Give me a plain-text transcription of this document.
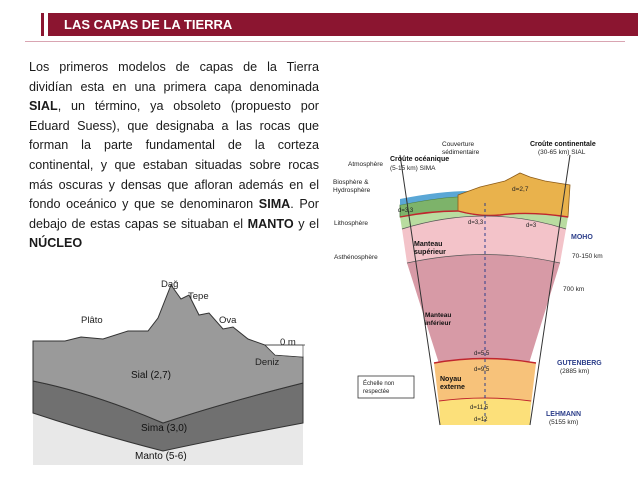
LAS CAPAS DE LA TIERRA
Los primeros modelos de capas de la Tierra dividían esta en una primera capa denominada SIAL, un término, ya obsoleto (propuesto por Eduard Suess), que designaba a las rocas que forman la parte fundamental de la corteza continental, y que estaban situadas sobre rocas más oscuras y densas que afloran además en el fondo oceánico y que se denominaron SIMA. Por debajo de estas capas se situaban el MANTO y el NÚCLEO
Dağ
Tepe
Plâto	Ova
Deniz
0 m
Sial (2,7)
Sima (3,0)
Manto (5-6)
Atmosphère
Biosphère &
Hydrosphère
Lithosphère
Asthénosphère
Couverture
sédimentaire
Croûte océanique
(5-15 km) SIMA
Croûte continentale
(30-65 km) SIAL
d=2,7
d=3,3
d=3,3	d=3
MOHO
Manteau
supérieur
70-150 km
700 km
Manteau
inférieur
d=5,5
d=9,5
GUTENBERG
(2885 km)
Noyau
externe
Échelle non
respectée
d=11,5
d=12
LEHMANN
(5155 km)
